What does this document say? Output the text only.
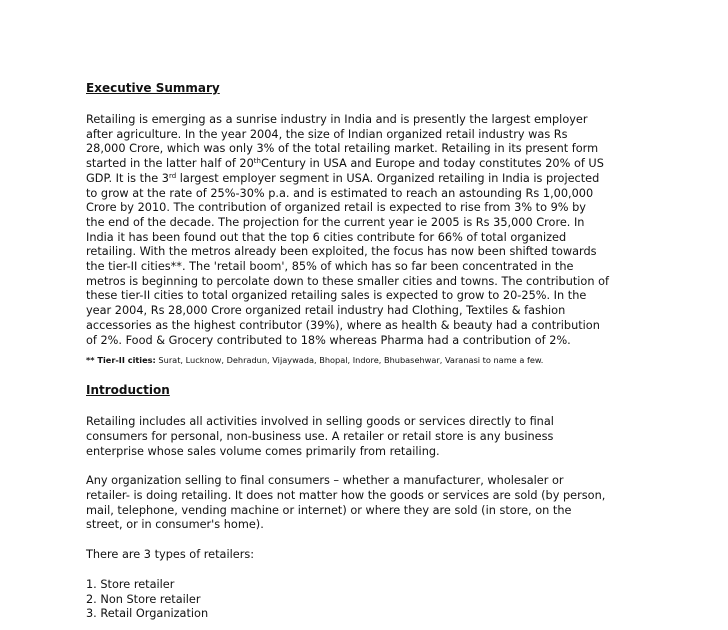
Executive Summary

Retailing is emerging as a sunrise industry in India and is presently the largest employer
after agriculture. In the year 2004, the size of Indian organized retail industry was Rs
28,000 Crore, which was only 3% of the total retailing market. Retailing in its present form
started in the latter half of 20thCentury in USA and Europe and today constitutes 20% of US
GDP. It is the 3rd largest employer segment in USA. Organized retailing in India is projected
to grow at the rate of 25%-30% p.a. and is estimated to reach an astounding Rs 1,00,000
Crore by 2010. The contribution of organized retail is expected to rise from 3% to 9% by
the end of the decade. The projection for the current year ie 2005 is Rs 35,000 Crore. In
India it has been found out that the top 6 cities contribute for 66% of total organized
retailing. With the metros already been exploited, the focus has now been shifted towards
the tier-II cities**. The 'retail boom', 85% of which has so far been concentrated in the
metros is beginning to percolate down to these smaller cities and towns. The contribution of
these tier-II cities to total organized retailing sales is expected to grow to 20-25%. In the
year 2004, Rs 28,000 Crore organized retail industry had Clothing, Textiles & fashion
accessories as the highest contributor (39%), where as health & beauty had a contribution
of 2%. Food & Grocery contributed to 18% whereas Pharma had a contribution of 2%.

** Tier-II cities: Surat, Lucknow, Dehradun, Vijaywada, Bhopal, Indore, Bhubasehwar, Varanasi to name a few.

Introduction

Retailing includes all activities involved in selling goods or services directly to final
consumers for personal, non-business use. A retailer or retail store is any business
enterprise whose sales volume comes primarily from retailing.

Any organization selling to final consumers – whether a manufacturer, wholesaler or
retailer- is doing retailing. It does not matter how the goods or services are sold (by person,
mail, telephone, vending machine or internet) or where they are sold (in store, on the
street, or in consumer's home).

There are 3 types of retailers:

1. Store retailer
2. Non Store retailer
3. Retail Organization
